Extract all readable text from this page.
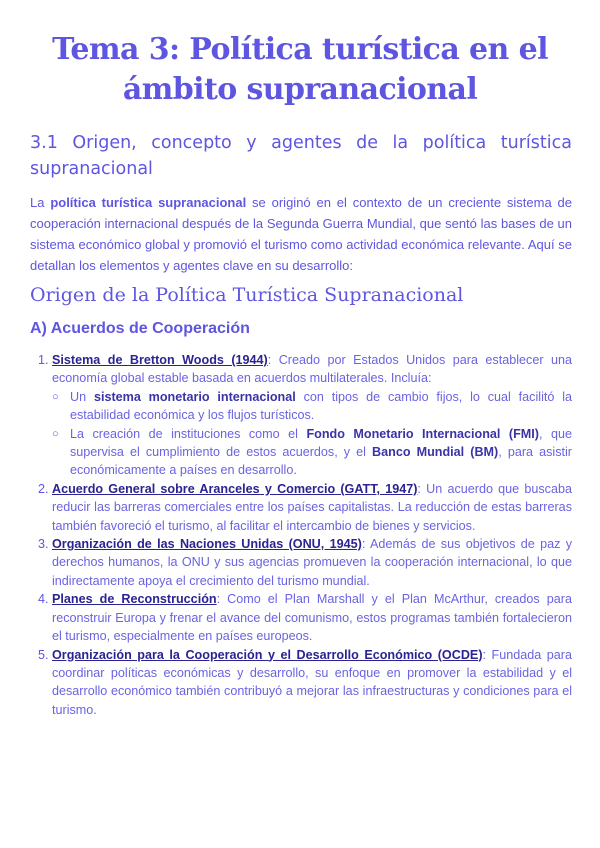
Tema 3: Política turística en el ámbito supranacional

3.1 Origen, concepto y agentes de la política turística supranacional

La política turística supranacional se originó en el contexto de un creciente sistema de cooperación internacional después de la Segunda Guerra Mundial, que sentó las bases de un sistema económico global y promovió el turismo como actividad económica relevante. Aquí se detallan los elementos y agentes clave en su desarrollo:

Origen de la Política Turística Supranacional
A) Acuerdos de Cooperación
1. Sistema de Bretton Woods (1944): Creado por Estados Unidos para establecer una economía global estable basada en acuerdos multilaterales. Incluía:
○ Un sistema monetario internacional con tipos de cambio fijos, lo cual facilitó la estabilidad económica y los flujos turísticos.
○ La creación de instituciones como el Fondo Monetario Internacional (FMI), que supervisa el cumplimiento de estos acuerdos, y el Banco Mundial (BM), para asistir económicamente a países en desarrollo.
2. Acuerdo General sobre Aranceles y Comercio (GATT, 1947): Un acuerdo que buscaba reducir las barreras comerciales entre los países capitalistas. La reducción de estas barreras también favoreció el turismo, al facilitar el intercambio de bienes y servicios.
3. Organización de las Naciones Unidas (ONU, 1945): Además de sus objetivos de paz y derechos humanos, la ONU y sus agencias promueven la cooperación internacional, lo que indirectamente apoya el crecimiento del turismo mundial.
4. Planes de Reconstrucción: Como el Plan Marshall y el Plan McArthur, creados para reconstruir Europa y frenar el avance del comunismo, estos programas también fortalecieron el turismo, especialmente en países europeos.
5. Organización para la Cooperación y el Desarrollo Económico (OCDE): Fundada para coordinar políticas económicas y desarrollo, su enfoque en promover la estabilidad y el desarrollo económico también contribuyó a mejorar las infraestructuras y condiciones para el turismo.
